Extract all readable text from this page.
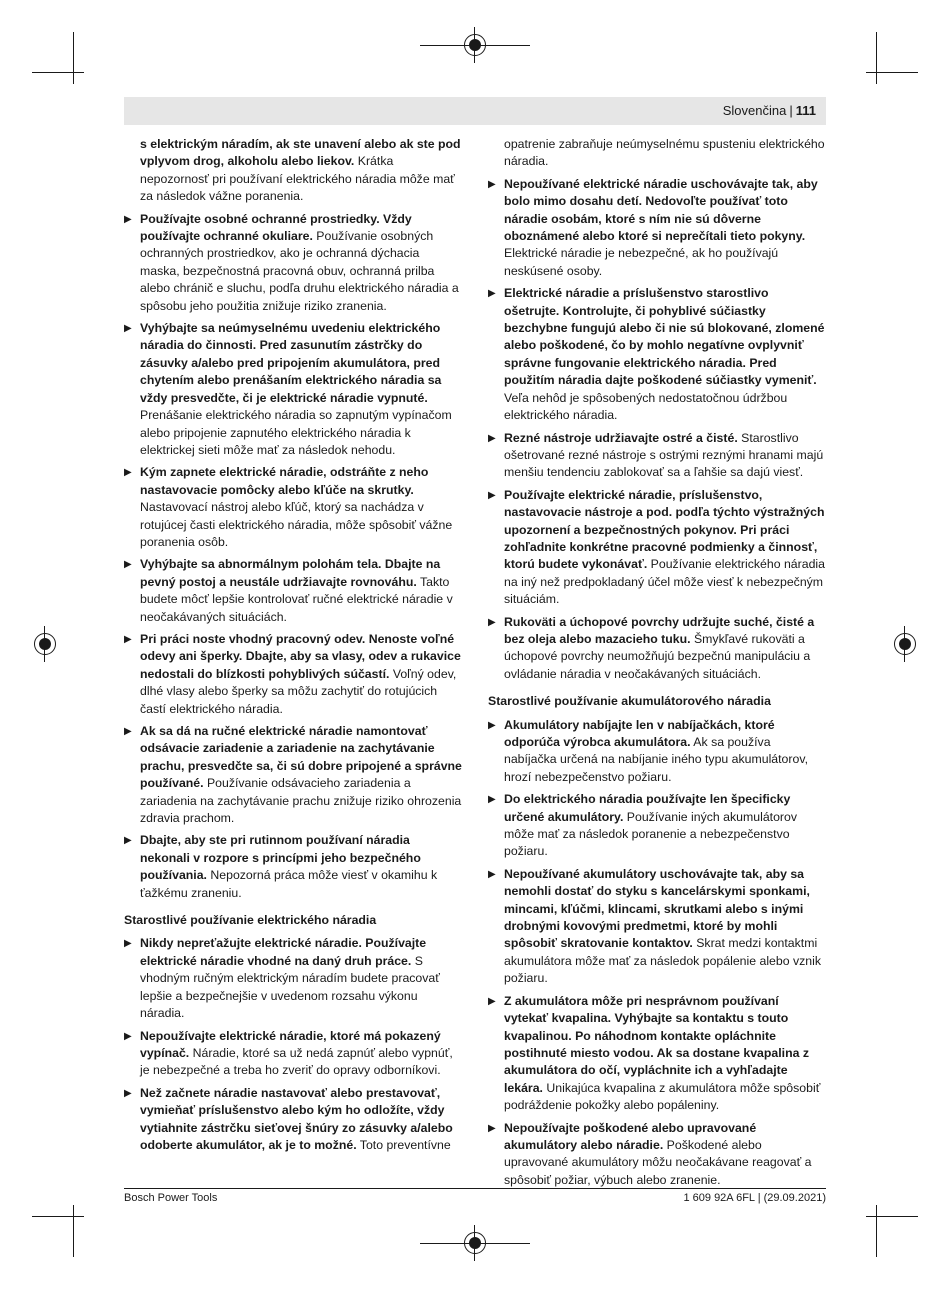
Slovenčina | 111

s elektrickým náradím, ak ste unavení alebo ak ste pod vplyvom drog, alkoholu alebo liekov. Krátka nepozornosť pri používaní elektrického náradia môže mať za následok vážne poranenia.

▶ Používajte osobné ochranné prostriedky. Vždy používajte ochranné okuliare. Používanie osobných ochranných prostriedkov, ako je ochranná dýchacia maska, bezpečnostná pracovná obuv, ochranná prilba alebo chránič e sluchu, podľa druhu elektrického náradia a spôsobu jeho použitia znižuje riziko zranenia.
▶ Vyhýbajte sa neúmyselnému uvedeniu elektrického náradia do činnosti. Pred zasunutím zástrčky do zásuvky a/alebo pred pripojením akumulátora, pred chytením alebo prenášaním elektrického náradia sa vždy presvedčte, či je elektrické náradie vypnuté. Prenášanie elektrického náradia so zapnutým vypínačom alebo pripojenie zapnutého elektrického náradia k elektrickej sieti môže mať za následok nehodu.
▶ Kým zapnete elektrické náradie, odstráňte z neho nastavovacie pomôcky alebo kľúče na skrutky. Nastavovací nástroj alebo kľúč, ktorý sa nachádza v rotujúcej časti elektrického náradia, môže spôsobiť vážne poranenia osôb.
▶ Vyhýbajte sa abnormálnym polohám tela. Dbajte na pevný postoj a neustále udržiavajte rovnováhu. Takto budete môcť lepšie kontrolovať ručné elektrické náradie v neočakávaných situáciách.
▶ Pri práci noste vhodný pracovný odev. Nenoste voľné odevy ani šperky. Dbajte, aby sa vlasy, odev a rukavice nedostali do blízkosti pohyblivých súčastí. Voľný odev, dlhé vlasy alebo šperky sa môžu zachytiť do rotujúcich častí elektrického náradia.
▶ Ak sa dá na ručné elektrické náradie namontovať odsávacie zariadenie a zariadenie na zachytávanie prachu, presvedčte sa, či sú dobre pripojené a správne používané. Používanie odsávacieho zariadenia a zariadenia na zachytávanie prachu znižuje riziko ohrozenia zdravia prachom.
▶ Dbajte, aby ste pri rutinnom používaní náradia nekonali v rozpore s princípmi jeho bezpečného používania. Nepozorná práca môže viesť v okamihu k ťažkému zraneniu.
Starostlivé používanie elektrického náradia
▶ Nikdy nepreťažujte elektrické náradie. Používajte elektrické náradie vhodné na daný druh práce. S vhodným ručným elektrickým náradím budete pracovať lepšie a bezpečnejšie v uvedenom rozsahu výkonu náradia.
▶ Nepoužívajte elektrické náradie, ktoré má pokazený vypínač. Náradie, ktoré sa už nedá zapnúť alebo vypnúť, je nebezpečné a treba ho zveriť do opravy odborníkovi.
▶ Než začnete náradie nastavovať alebo prestavovať, vymieňať príslušenstvo alebo kým ho odložíte, vždy vytiahnite zástrčku sieťovej šnúry zo zásuvky a/alebo odoberte akumulátor, ak je to možné. Toto preventívne

opatrenie zabraňuje neúmyselnému spusteniu elektrického náradia.

▶ Nepoužívané elektrické náradie uschovávajte tak, aby bolo mimo dosahu detí. Nedovoľte používať toto náradie osobám, ktoré s ním nie sú dôverne oboznámené alebo ktoré si neprečítali tieto pokyny. Elektrické náradie je nebezpečné, ak ho používajú neskúsené osoby.
▶ Elektrické náradie a príslušenstvo starostlivo ošetrujte. Kontrolujte, či pohyblivé súčiastky bezchybne fungujú alebo či nie sú blokované, zlomené alebo poškodené, čo by mohlo negatívne ovplyvniť správne fungovanie elektrického náradia. Pred použitím náradia dajte poškodené súčiastky vymeniť. Veľa nehôd je spôsobených nedostatočnou údržbou elektrického náradia.
▶ Rezné nástroje udržiavajte ostré a čisté. Starostlivo ošetrované rezné nástroje s ostrými reznými hranami majú menšiu tendenciu zablokovať sa a ľahšie sa dajú viesť.
▶ Používajte elektrické náradie, príslušenstvo, nastavovacie nástroje a pod. podľa týchto výstražných upozornení a bezpečnostných pokynov. Pri práci zohľadnite konkrétne pracovné podmienky a činnosť, ktorú budete vykonávať. Používanie elektrického náradia na iný než predpokladaný účel môže viesť k nebezpečným situáciám.
▶ Rukoväti a úchopové povrchy udržujte suché, čisté a bez oleja alebo mazacieho tuku. Šmykľavé rukoväti a úchopové povrchy neumožňujú bezpečnú manipuláciu a ovládanie náradia v neočakávaných situáciách.
Starostlivé používanie akumulátorového náradia
▶ Akumulátory nabíjajte len v nabíjačkách, ktoré odporúča výrobca akumulátora. Ak sa používa nabíjačka určená na nabíjanie iného typu akumulátorov, hrozí nebezpečenstvo požiaru.
▶ Do elektrického náradia používajte len špecificky určené akumulátory. Používanie iných akumulátorov môže mať za následok poranenie a nebezpečenstvo požiaru.
▶ Nepoužívané akumulátory uschovávajte tak, aby sa nemohli dostať do styku s kancelárskymi sponkami, mincami, kľúčmi, klincami, skrutkami alebo s inými drobnými kovovými predmetmi, ktoré by mohli spôsobiť skratovanie kontaktov. Skrat medzi kontaktmi akumulátora môže mať za následok popálenie alebo vznik požiaru.
▶ Z akumulátora môže pri nesprávnom používaní vytekať kvapalina. Vyhýbajte sa kontaktu s touto kvapalinou. Po náhodnom kontakte opláchnite postihnuté miesto vodou. Ak sa dostane kvapalina z akumulátora do očí, vypláchnite ich a vyhľadajte lekára. Unikajúca kvapalina z akumulátora môže spôsobiť podráždenie pokožky alebo popáleniny.
▶ Nepoužívajte poškodené alebo upravované akumulátory alebo náradie. Poškodené alebo upravované akumulátory môžu neočakávane reagovať a spôsobiť požiar, výbuch alebo zranenie.
Bosch Power Tools	1 609 92A 6FL | (29.09.2021)
